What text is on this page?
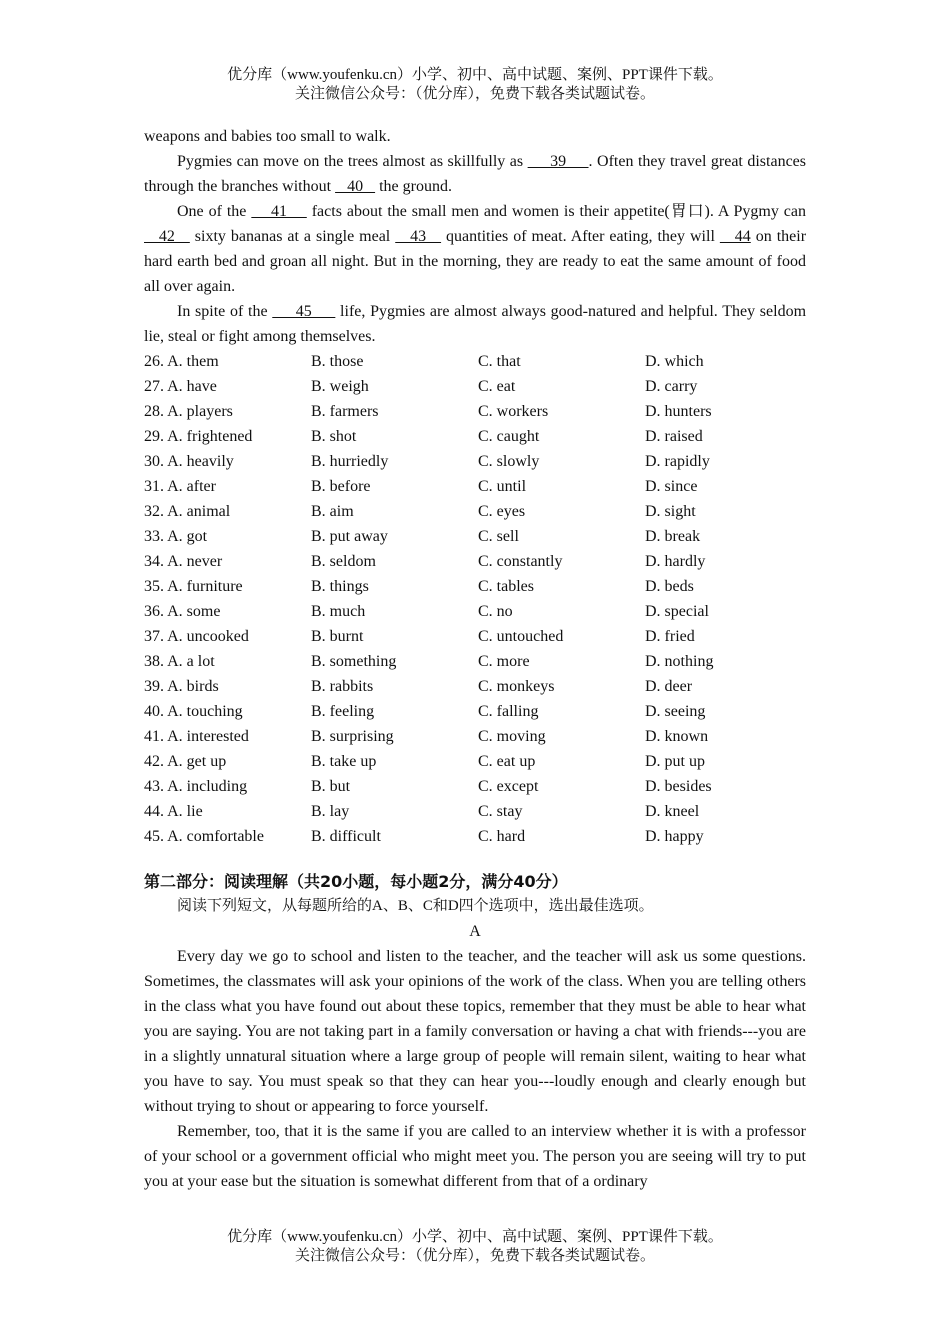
优分库（www.youfenku.cn）小学、初中、高中试题、案例、PPT课件下载。
关注微信公众号：（优分库），免费下载各类试题试卷。

weapons and babies too small to walk.

Pygmies can move on the trees almost as skillfully as      39     . Often they travel great distances through the branches without    40    the ground.

One of the     41     facts about the small men and women is their appetite(胃口). A Pygmy can    42    sixty bananas at a single meal    43    quantities of meat. After eating, they will    44 on their hard earth bed and groan all night. But in the morning, they are ready to eat the same amount of food all over again.

In spite of the      45      life, Pygmies are almost always good-natured and helpful. They seldom lie, steal or fight among themselves.

26. A. them	B. those	C. that	D. which
27. A. have	B. weigh	C. eat	D. carry
28. A. players	B. farmers	C. workers	D. hunters
29. A. frightened	B. shot	C. caught	D. raised
30. A. heavily	B. hurriedly	C. slowly	D. rapidly
31. A. after	B. before	C. until	D. since
32. A. animal	B. aim	C. eyes	D. sight
33. A. got	B. put away	C. sell	D. break
34. A. never	B. seldom	C. constantly	D. hardly
35. A. furniture	B. things	C. tables	D. beds
36. A. some	B. much	C. no	D. special
37. A. uncooked	B. burnt	C. untouched	D. fried
38. A. a lot	B. something	C. more	D. nothing
39. A. birds	B. rabbits	C. monkeys	D. deer
40. A. touching	B. feeling	C. falling	D. seeing
41. A. interested	B. surprising	C. moving	D. known
42. A. get up	B. take up	C. eat up	D. put up
43. A. including	B. but	C. except	D. besides
44. A. lie	B. lay	C. stay	D. kneel
45. A. comfortable	B. difficult	C. hard	D. happy
第二部分：阅读理解（共20小题，每小题2分，满分40分）

阅读下列短文，从每题所给的A、B、C和D四个选项中，选出最佳选项。

A

Every day we go to school and listen to the teacher, and the teacher will ask us some questions. Sometimes, the classmates will ask your opinions of the work of the class. When you are telling others in the class what you have found out about these topics, remember that they must be able to hear what you are saying. You are not taking part in a family conversation or having a chat with friends---you are in a slightly unnatural situation where a large group of people will remain silent, waiting to hear what you have to say. You must speak so that they can hear you---loudly enough and clearly enough but without trying to shout or appearing to force yourself.

Remember, too, that it is the same if you are called to an interview whether it is with a professor of your school or a government official who might meet you. The person you are seeing will try to put you at your ease but the situation is somewhat different from that of a ordinary

优分库（www.youfenku.cn）小学、初中、高中试题、案例、PPT课件下载。
关注微信公众号：（优分库），免费下载各类试题试卷。
